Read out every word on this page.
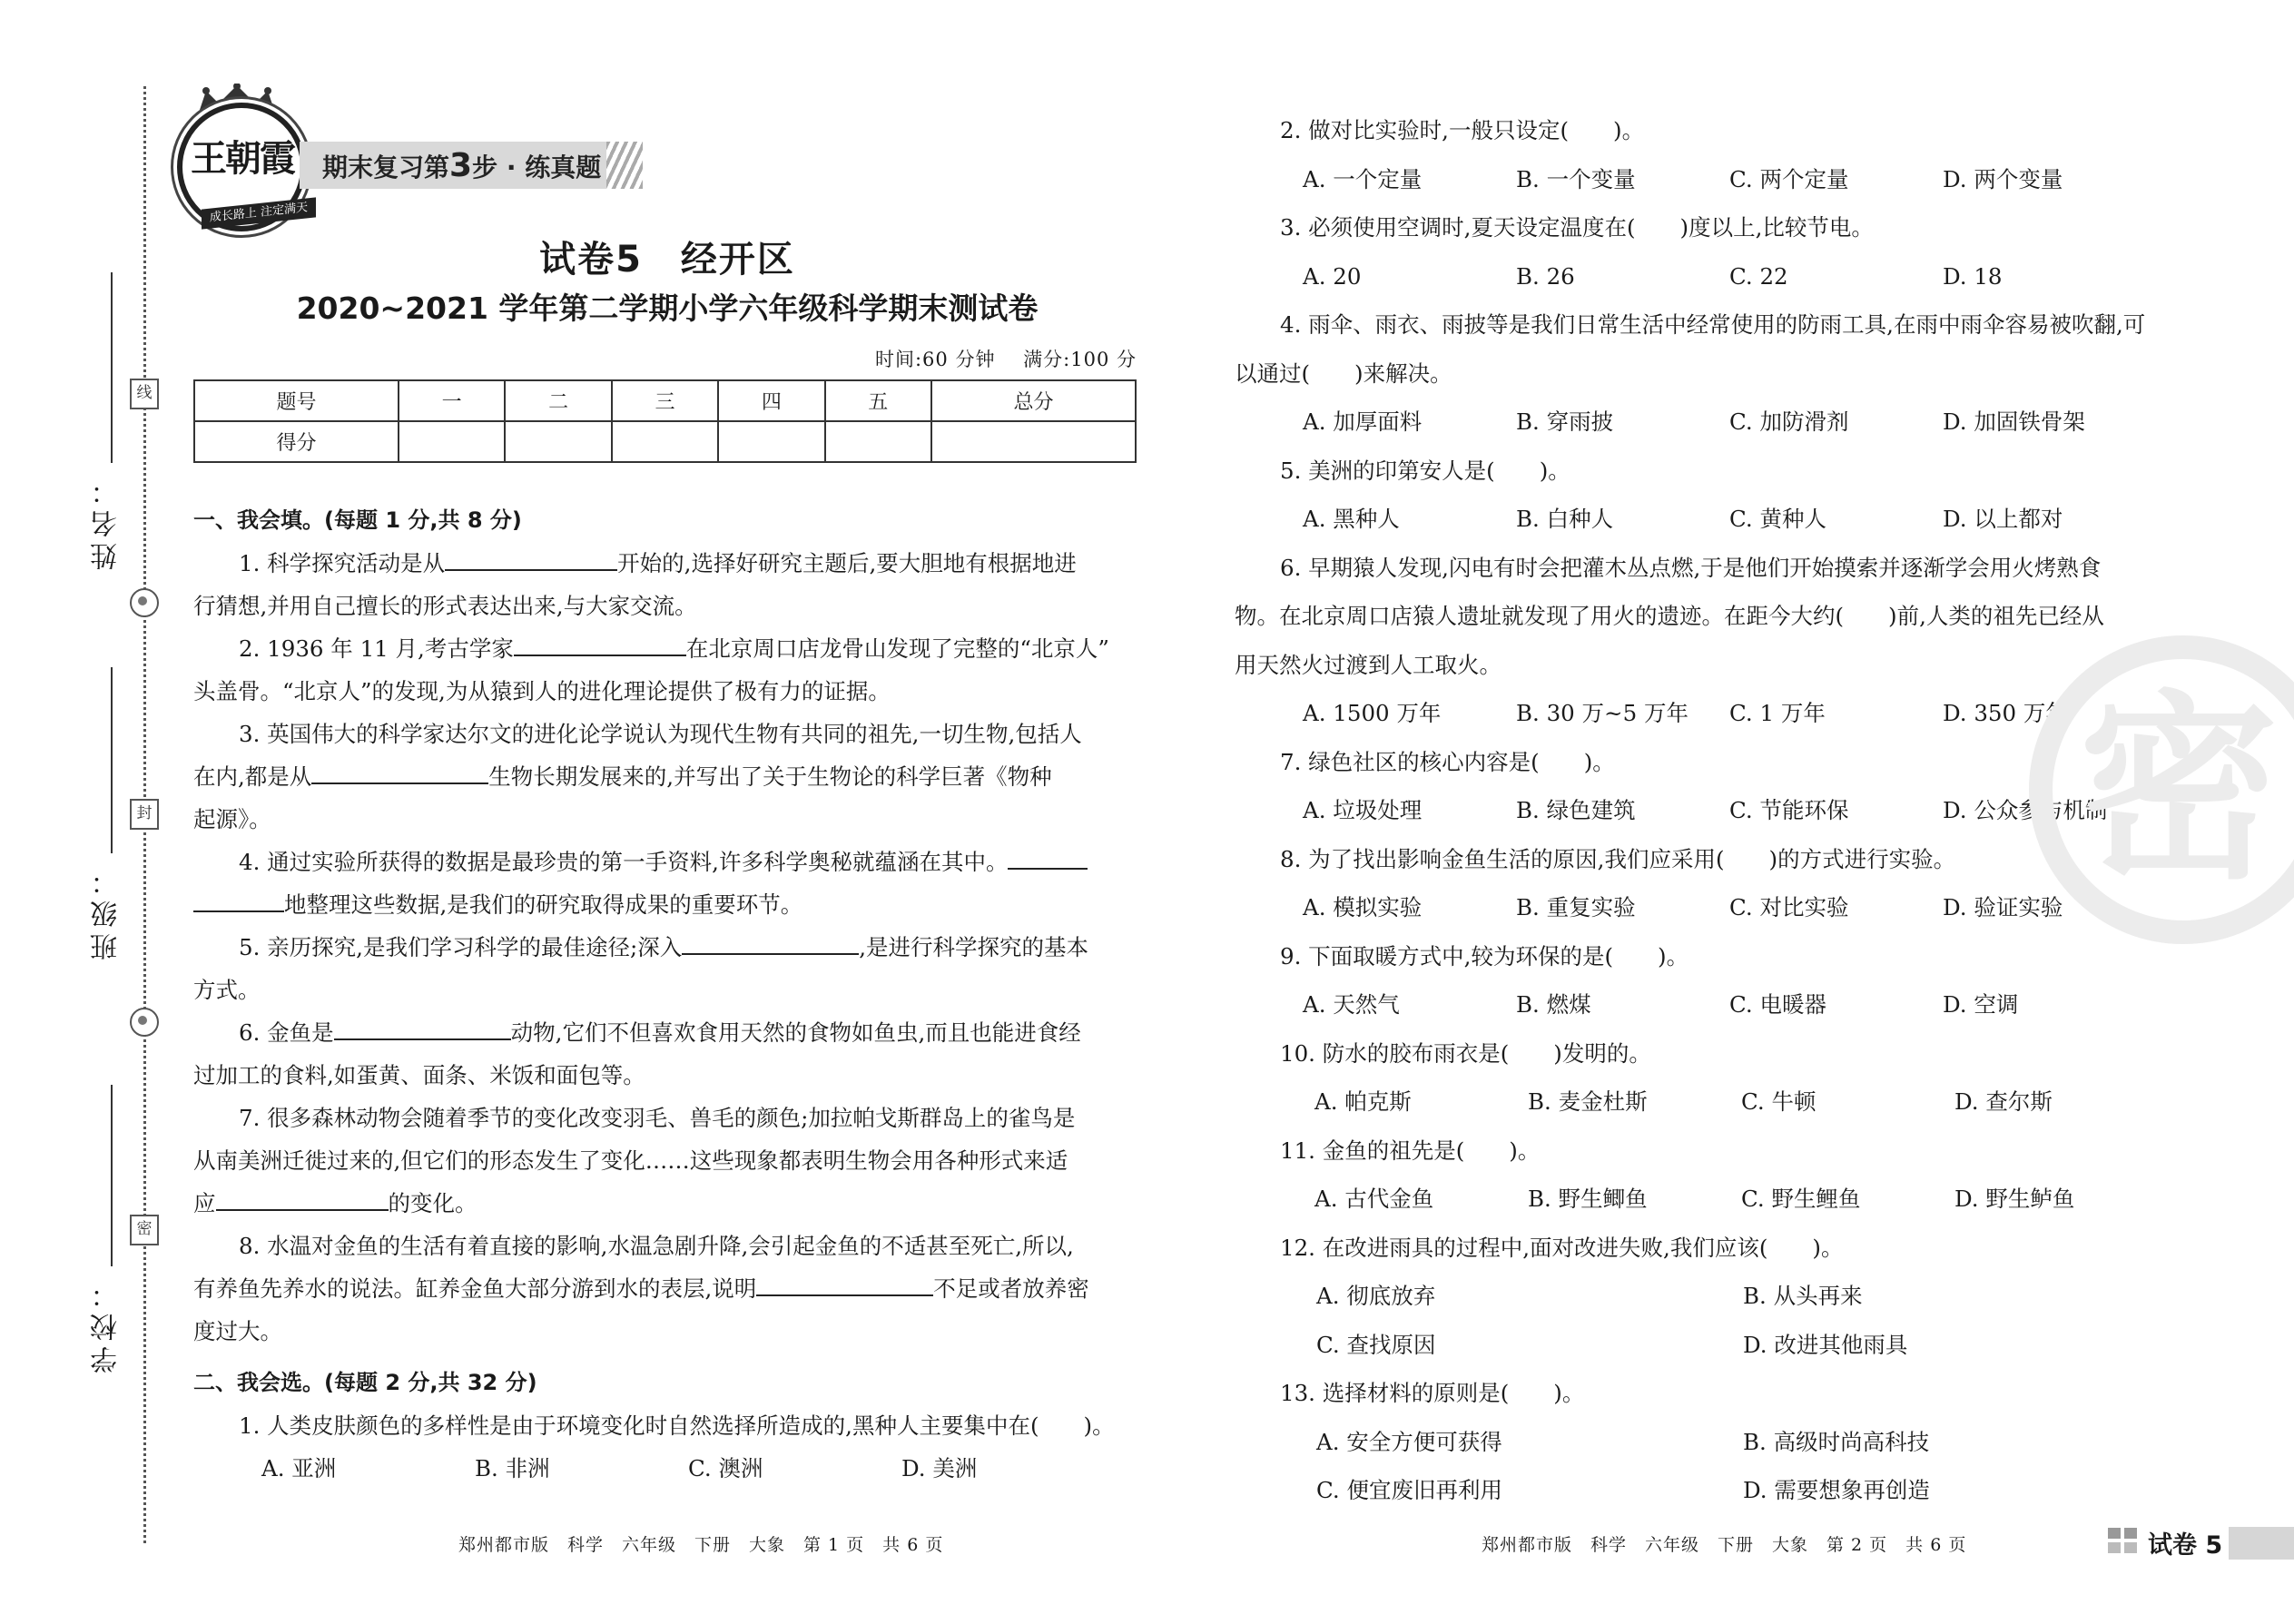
线
封
密
姓名：
班级：
学校：
王朝霞
成长路上 注定满天
期末复习第3步 · 练真题
试卷5　经开区
2020~2021 学年第二学期小学六年级科学期末测试卷
时间:60 分钟    满分:100 分
题号	一	二	三	四	五	总分
得分						

一、我会填。(每题 1 分,共 8 分)

1. 科学探究活动是从	开始的,选择好研究主题后,要大胆地有根据地进

行猜想,并用自己擅长的形式表达出来,与大家交流。

2. 1936 年 11 月,考古学家	在北京周口店龙骨山发现了完整的“北京人”

头盖骨。“北京人”的发现,为从猿到人的进化理论提供了极有力的证据。

3. 英国伟大的科学家达尔文的进化论学说认为现代生物有共同的祖先,一切生物,包括人

在内,都是从	生物长期发展来的,并写出了关于生物论的科学巨著《物种

起源》。

4. 通过实验所获得的数据是最珍贵的第一手资料,许多科学奥秘就蕴涵在其中。

地整理这些数据,是我们的研究取得成果的重要环节。

5. 亲历探究,是我们学习科学的最佳途径;深入	,是进行科学探究的基本

方式。

6. 金鱼是	动物,它们不但喜欢食用天然的食物如鱼虫,而且也能进食经

过加工的食料,如蛋黄、面条、米饭和面包等。

7. 很多森林动物会随着季节的变化改变羽毛、兽毛的颜色;加拉帕戈斯群岛上的雀鸟是

从南美洲迁徙过来的,但它们的形态发生了变化……这些现象都表明生物会用各种形式来适

应	的变化。

8. 水温对金鱼的生活有着直接的影响,水温急剧升降,会引起金鱼的不适甚至死亡,所以,

有养鱼先养水的说法。缸养金鱼大部分游到水的表层,说明	不足或者放养密

度过大。

二、我会选。(每题 2 分,共 32 分)

1. 人类皮肤颜色的多样性是由于环境变化时自然选择所造成的,黑种人主要集中在(　　)。

A. 亚洲	B. 非洲	C. 澳洲	D. 美洲

2. 做对比实验时,一般只设定(　　)。

A. 一个定量	B. 一个变量	C. 两个定量	D. 两个变量

3. 必须使用空调时,夏天设定温度在(　　)度以上,比较节电。

A. 20	B. 26	C. 22	D. 18

4. 雨伞、雨衣、雨披等是我们日常生活中经常使用的防雨工具,在雨中雨伞容易被吹翻,可

以通过(　　)来解决。

A. 加厚面料	B. 穿雨披	C. 加防滑剂	D. 加固铁骨架

5. 美洲的印第安人是(　　)。

A. 黑种人	B. 白种人	C. 黄种人	D. 以上都对

6. 早期猿人发现,闪电有时会把灌木丛点燃,于是他们开始摸索并逐渐学会用火烤熟食

物。在北京周口店猿人遗址就发现了用火的遗迹。在距今大约(　　)前,人类的祖先已经从

用天然火过渡到人工取火。

A. 1500 万年	B. 30 万~5 万年	C. 1 万年	D. 350 万年

7. 绿色社区的核心内容是(　　)。

A. 垃圾处理	B. 绿色建筑	C. 节能环保	D. 公众参与机制

8. 为了找出影响金鱼生活的原因,我们应采用(　　)的方式进行实验。

A. 模拟实验	B. 重复实验	C. 对比实验	D. 验证实验

9. 下面取暖方式中,较为环保的是(　　)。

A. 天然气	B. 燃煤	C. 电暖器	D. 空调

10. 防水的胶布雨衣是(　　)发明的。

A. 帕克斯	B. 麦金杜斯	C. 牛顿	D. 查尔斯

11. 金鱼的祖先是(　　)。

A. 古代金鱼	B. 野生鲫鱼	C. 野生鲤鱼	D. 野生鲈鱼

12. 在改进雨具的过程中,面对改进失败,我们应该(　　)。

A. 彻底放弃	B. 从头再来
C. 查找原因	D. 改进其他雨具

13. 选择材料的原则是(　　)。

A. 安全方便可获得	B. 高级时尚高科技
C. 便宜废旧再利用	D. 需要想象再创造
密
郑州都市版　科学　六年级　下册　大象　第 1 页　共 6 页	郑州都市版　科学　六年级　下册　大象　第 2 页　共 6 页	试卷 5
